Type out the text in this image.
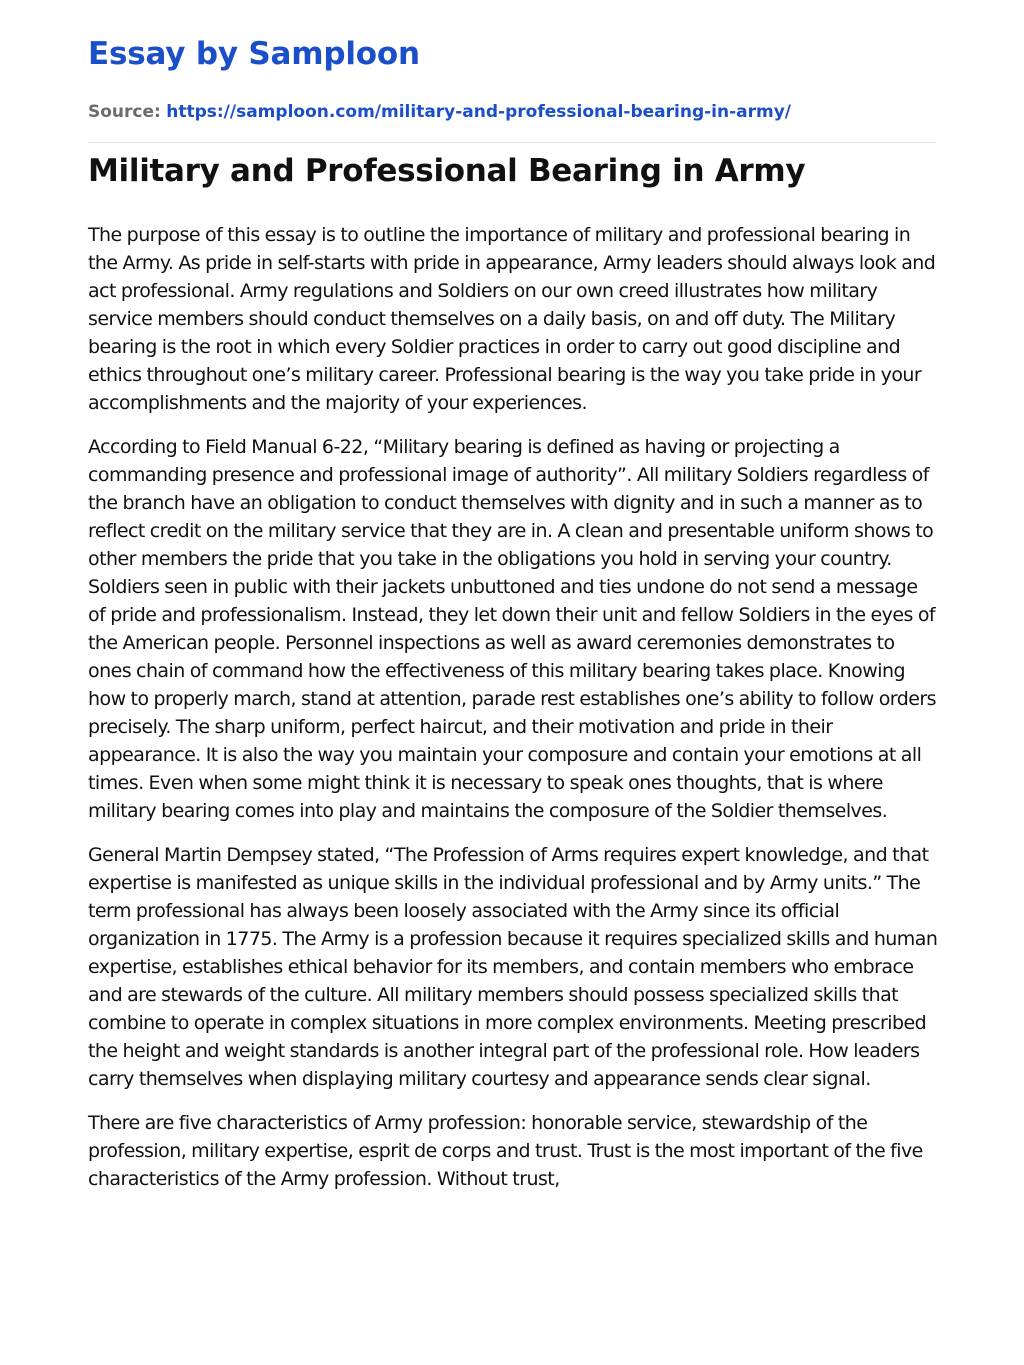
Essay by Samploon
Source: https://samploon.com/military-and-professional-bearing-in-army/
Military and Professional Bearing in Army

The purpose of this essay is to outline the importance of military and professional bearing in the Army. As pride in self-starts with pride in appearance, Army leaders should always look and act professional. Army regulations and Soldiers on our own creed illustrates how military service members should conduct themselves on a daily basis, on and off duty. The Military bearing is the root in which every Soldier practices in order to carry out good discipline and ethics throughout one’s military career. Professional bearing is the way you take pride in your accomplishments and the majority of your experiences.

According to Field Manual 6-22, “Military bearing is defined as having or projecting a commanding presence and professional image of authority”. All military Soldiers regardless of the branch have an obligation to conduct themselves with dignity and in such a manner as to reflect credit on the military service that they are in. A clean and presentable uniform shows to other members the pride that you take in the obligations you hold in serving your country. Soldiers seen in public with their jackets unbuttoned and ties undone do not send a message of pride and professionalism. Instead, they let down their unit and fellow Soldiers in the eyes of the American people. Personnel inspections as well as award ceremonies demonstrates to ones chain of command how the effectiveness of this military bearing takes place. Knowing how to properly march, stand at attention, parade rest establishes one’s ability to follow orders precisely. The sharp uniform, perfect haircut, and their motivation and pride in their appearance. It is also the way you maintain your composure and contain your emotions at all times. Even when some might think it is necessary to speak ones thoughts, that is where military bearing comes into play and maintains the composure of the Soldier themselves.

General Martin Dempsey stated, “The Profession of Arms requires expert knowledge, and that expertise is manifested as unique skills in the individual professional and by Army units.” The term professional has always been loosely associated with the Army since its official organization in 1775. The Army is a profession because it requires specialized skills and human expertise, establishes ethical behavior for its members, and contain members who embrace and are stewards of the culture. All military members should possess specialized skills that combine to operate in complex situations in more complex environments. Meeting prescribed the height and weight standards is another integral part of the professional role. How leaders carry themselves when displaying military courtesy and appearance sends clear signal.

There are five characteristics of Army profession: honorable service, stewardship of the profession, military expertise, esprit de corps and trust. Trust is the most important of the five characteristics of the Army profession. Without trust,
